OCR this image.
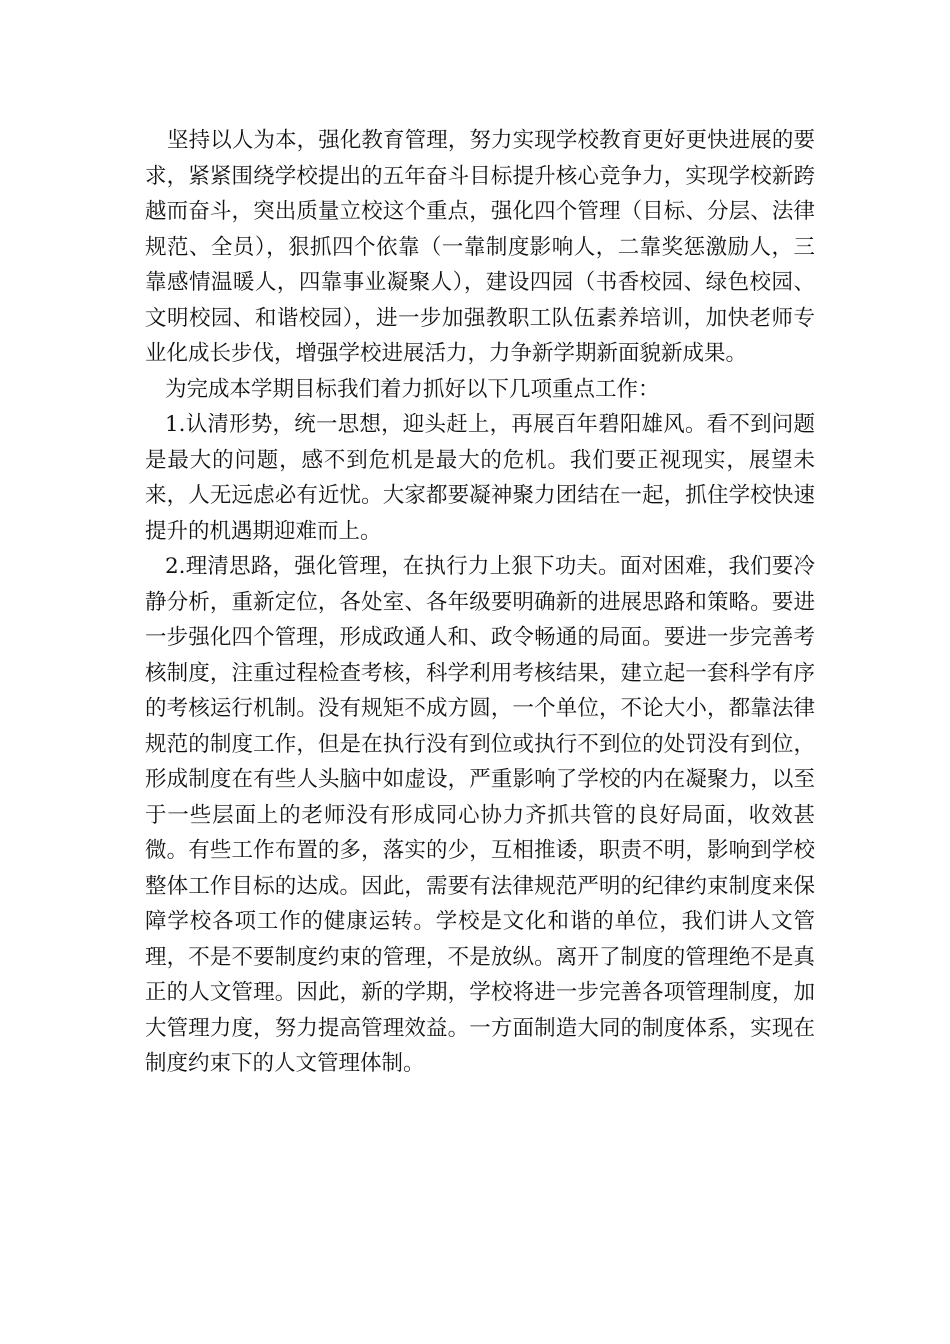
坚持以人为本，强化教育管理，努力实现学校教育更好更快进展的要求，紧紧围绕学校提出的五年奋斗目标提升核心竞争力，实现学校新跨越而奋斗，突出质量立校这个重点，强化四个管理（目标、分层、法律规范、全员），狠抓四个依靠（一靠制度影响人，二靠奖惩激励人，三靠感情温暖人，四靠事业凝聚人），建设四园（书香校园、绿色校园、文明校园、和谐校园），进一步加强教职工队伍素养培训，加快老师专业化成长步伐，增强学校进展活力，力争新学期新面貌新成果。

为完成本学期目标我们着力抓好以下几项重点工作：

1.认清形势，统一思想，迎头赶上，再展百年碧阳雄风。看不到问题是最大的问题，感不到危机是最大的危机。我们要正视现实，展望未来，人无远虑必有近忧。大家都要凝神聚力团结在一起，抓住学校快速提升的机遇期迎难而上。

2.理清思路，强化管理，在执行力上狠下功夫。面对困难，我们要冷静分析，重新定位，各处室、各年级要明确新的进展思路和策略。要进一步强化四个管理，形成政通人和、政令畅通的局面。要进一步完善考核制度，注重过程检查考核，科学利用考核结果，建立起一套科学有序的考核运行机制。没有规矩不成方圆，一个单位，不论大小，都靠法律规范的制度工作，但是在执行没有到位或执行不到位的处罚没有到位，形成制度在有些人头脑中如虚设，严重影响了学校的内在凝聚力，以至于一些层面上的老师没有形成同心协力齐抓共管的良好局面，收效甚微。有些工作布置的多，落实的少，互相推诿，职责不明，影响到学校整体工作目标的达成。因此，需要有法律规范严明的纪律约束制度来保障学校各项工作的健康运转。学校是文化和谐的单位，我们讲人文管理，不是不要制度约束的管理，不是放纵。离开了制度的管理绝不是真正的人文管理。因此，新的学期，学校将进一步完善各项管理制度，加大管理力度，努力提高管理效益。一方面制造大同的制度体系，实现在制度约束下的人文管理体制。
